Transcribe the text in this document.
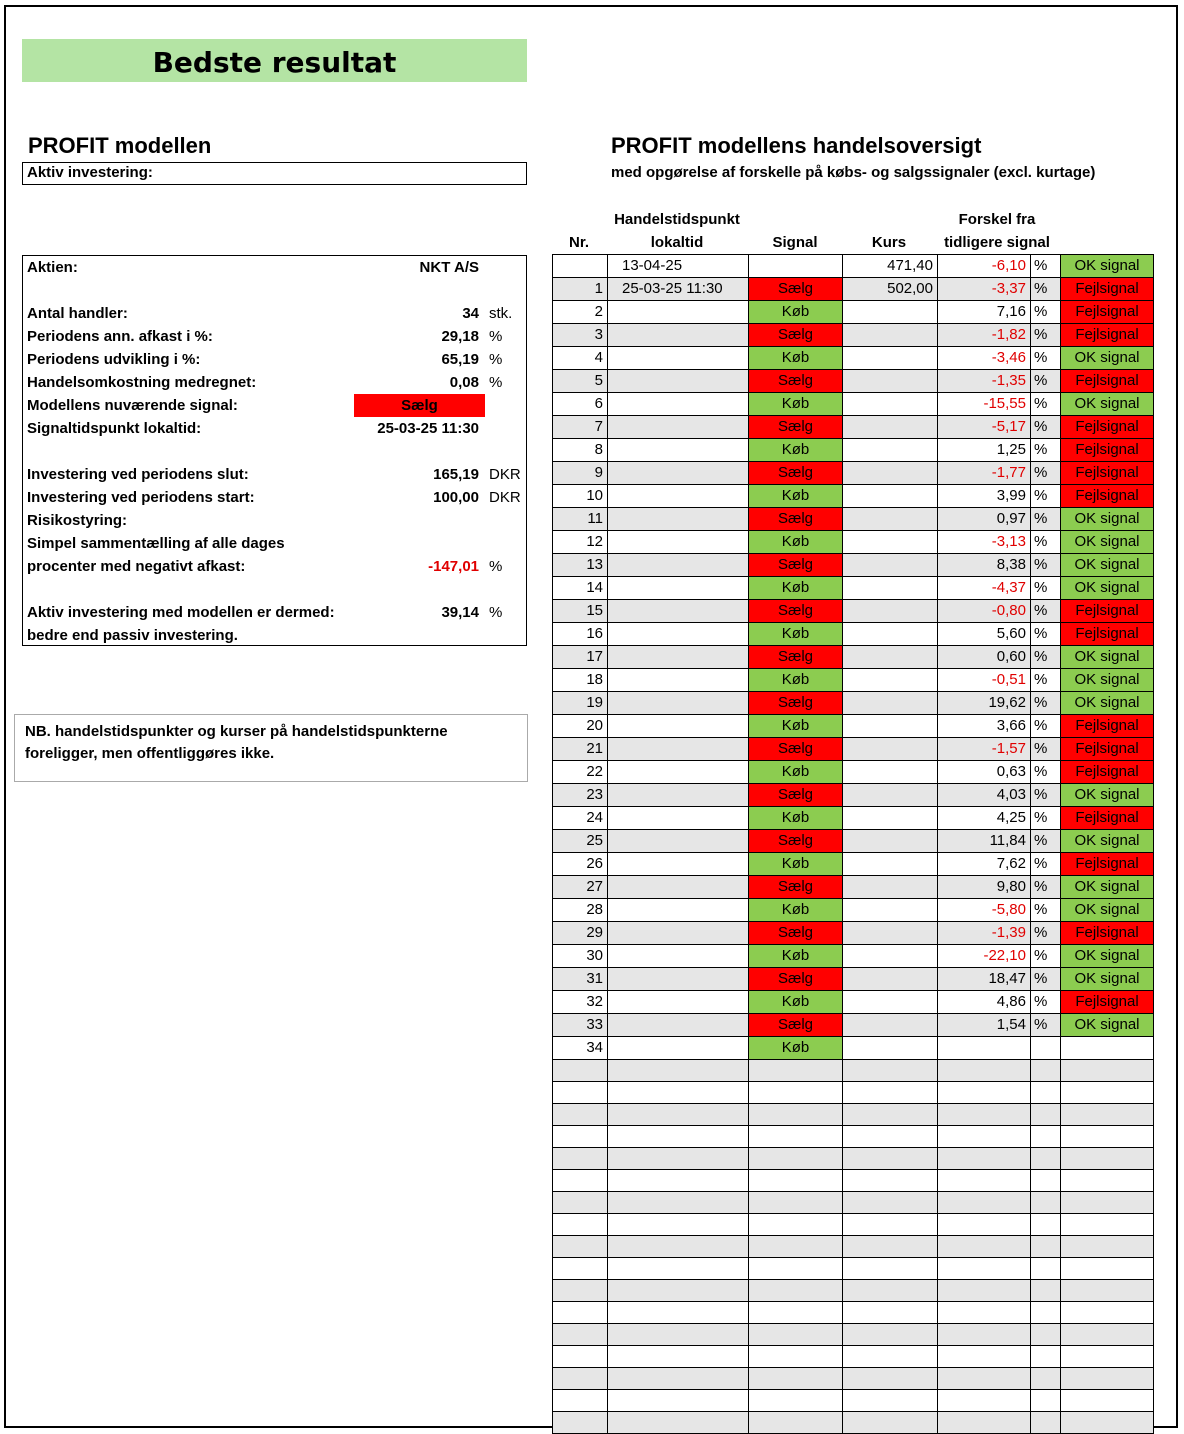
Bedste resultat
PROFIT modellen
Aktiv investering:
PROFIT modellens handelsoversigt
med opgørelse af forskelle på købs- og salgssignaler (excl. kurtage)
Aktien:	NKT A/S
Antal handler:	34 stk.
Periodens ann. afkast i %:	29,18 %
Periodens udvikling i %:	65,19 %
Handelsomkostning medregnet:	0,08 %
Modellens nuværende signal:	Sælg
Signaltidspunkt lokaltid:	25-03-25 11:30
Investering ved periodens slut:	165,19 DKR
Investering ved periodens start:	100,00 DKR
Risikostyring:
Simpel sammentælling af alle dages
procenter med negativt afkast:	-147,01 %
Aktiv investering med modellen er dermed:	39,14 %
bedre end passiv investering.
NB. handelstidspunkter og kurser på handelstidspunkterne foreligger, men offentliggøres ikke.
Nr.
Handelstidspunkt
lokaltid	Signal	Kurs
Forskel fra
tidligere signal
	13-04-25		471,40	-6,10	%	OK signal
1	25-03-25 11:30	Sælg	502,00	-3,37	%	Fejlsignal
2		Køb		7,16	%	Fejlsignal
3		Sælg		-1,82	%	Fejlsignal
4		Køb		-3,46	%	OK signal
5		Sælg		-1,35	%	Fejlsignal
6		Køb		-15,55	%	OK signal
7		Sælg		-5,17	%	Fejlsignal
8		Køb		1,25	%	Fejlsignal
9		Sælg		-1,77	%	Fejlsignal
10		Køb		3,99	%	Fejlsignal
11		Sælg		0,97	%	OK signal
12		Køb		-3,13	%	OK signal
13		Sælg		8,38	%	OK signal
14		Køb		-4,37	%	OK signal
15		Sælg		-0,80	%	Fejlsignal
16		Køb		5,60	%	Fejlsignal
17		Sælg		0,60	%	OK signal
18		Køb		-0,51	%	OK signal
19		Sælg		19,62	%	OK signal
20		Køb		3,66	%	Fejlsignal
21		Sælg		-1,57	%	Fejlsignal
22		Køb		0,63	%	Fejlsignal
23		Sælg		4,03	%	OK signal
24		Køb		4,25	%	Fejlsignal
25		Sælg		11,84	%	OK signal
26		Køb		7,62	%	Fejlsignal
27		Sælg		9,80	%	OK signal
28		Køb		-5,80	%	OK signal
29		Sælg		-1,39	%	Fejlsignal
30		Køb		-22,10	%	OK signal
31		Sælg		18,47	%	OK signal
32		Køb		4,86	%	Fejlsignal
33		Sælg		1,54	%	OK signal
34		Køb				
